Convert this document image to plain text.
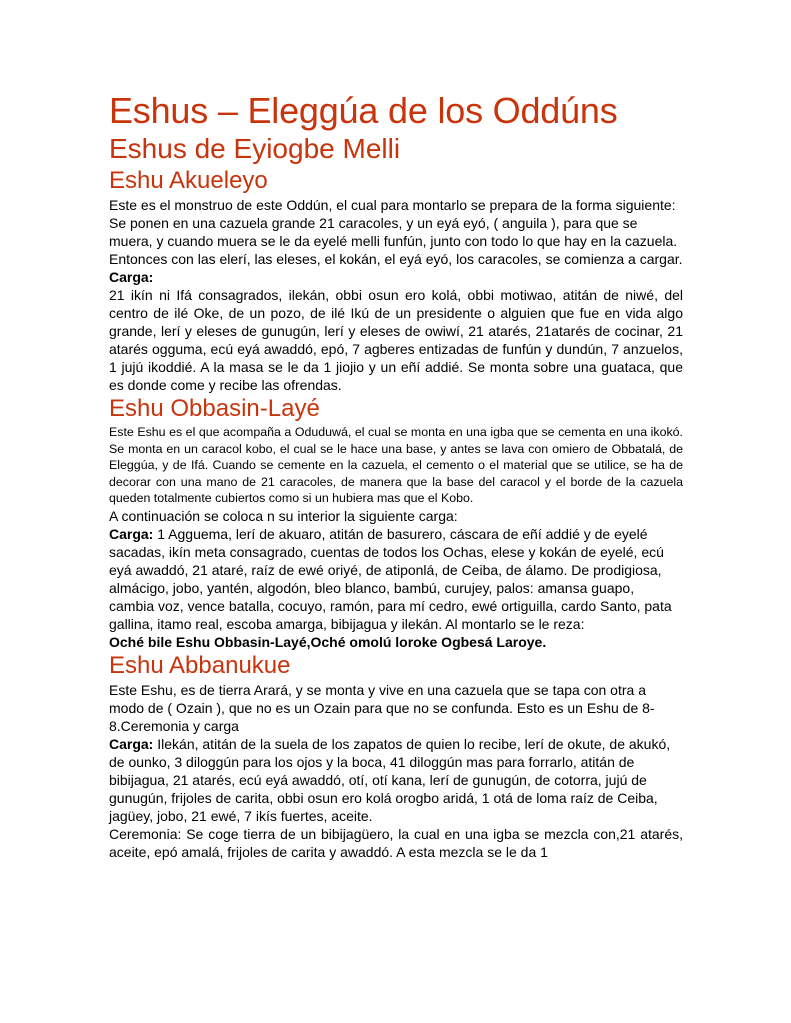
Eshus – Eleggúa de los Oddúns
Eshus de Eyiogbe Melli
Eshu Akueleyo

Este es el monstruo de este Oddún, el cual para montarlo se prepara de la forma siguiente: Se ponen en una cazuela grande 21 caracoles, y un eyá eyó, ( anguila ), para que se muera, y cuando muera se le da eyelé melli funfún, junto con todo lo que hay en la cazuela. Entonces con las elerí, las eleses, el kokán, el eyá eyó, los caracoles, se comienza a cargar.

Carga:

21 ikín ni Ifá consagrados, ilekán, obbi osun ero kolá, obbi motiwao, atitán de niwé, del centro de ilé Oke, de un pozo, de ilé Ikú de un presidente o alguien que fue en vida algo grande, lerí y eleses de gunugún, lerí y eleses de owiwí, 21 atarés, 21atarés de cocinar, 21 atarés ogguma, ecú eyá awaddó, epó, 7 agberes entizadas de funfún y dundún, 7 anzuelos, 1 jujú ikoddié. A la masa se le da 1 jiojio y un eñí addié. Se monta sobre una guataca, que es donde come y recibe las ofrendas.

Eshu Obbasin-Layé

Este Eshu es el que acompaña a Oduduwá, el cual se monta en una igba que se cementa en una ikokó. Se monta en un caracol kobo, el cual se le hace una base, y antes se lava con omiero de Obbatalá, de Eleggúa, y de Ifá. Cuando se cemente en la cazuela, el cemento o el material que se utilice, se ha de decorar con una mano de 21 caracoles, de manera que la base del caracol y el borde de la cazuela queden totalmente cubiertos como si un hubiera mas que el Kobo.

A continuación se coloca n su interior la siguiente carga:

Carga: 1 Agguema, lerí de akuaro, atitán de basurero, cáscara de eñí addié y de eyelé sacadas, ikín meta consagrado, cuentas de todos los Ochas, elese y kokán de eyelé, ecú eyá awaddó, 21 ataré, raíz de ewé oriyé, de atiponlá, de Ceiba, de álamo. De prodigiosa, almácigo, jobo, yantén, algodón, bleo blanco, bambú, curujey, palos: amansa guapo, cambia voz, vence batalla, cocuyo, ramón, para mí cedro, ewé ortiguilla, cardo Santo, pata gallina, itamo real, escoba amarga, bibijagua y ilekán. Al montarlo se le reza:

Oché bile Eshu Obbasin-Layé,Oché omolú loroke Ogbesá Laroye.

Eshu Abbanukue

Este Eshu, es de tierra Arará, y se monta y vive en una cazuela que se tapa con otra a modo de ( Ozain ), que no es un Ozain para que no se confunda. Esto es un Eshu de 8-8.Ceremonia y carga

Carga: Ilekán, atitán de la suela de los zapatos de quien lo recibe, lerí de okute, de akukó, de ounko, 3 diloggún para los ojos y la boca, 41 diloggún mas para forrarlo, atitán de bibijagua, 21 atarés, ecú eyá awaddó, otí, otí kana, lerí de gunugún, de cotorra, jujú de gunugún, frijoles de carita, obbi osun ero kolá orogbo aridá, 1 otá de loma raíz de Ceiba, jagüey, jobo, 21 ewé, 7 ikís fuertes, aceite.

Ceremonia: Se coge tierra de un bibijagüero, la cual en una igba se mezcla con,21 atarés, aceite, epó amalá, frijoles de carita y awaddó. A esta mezcla se le da 1
